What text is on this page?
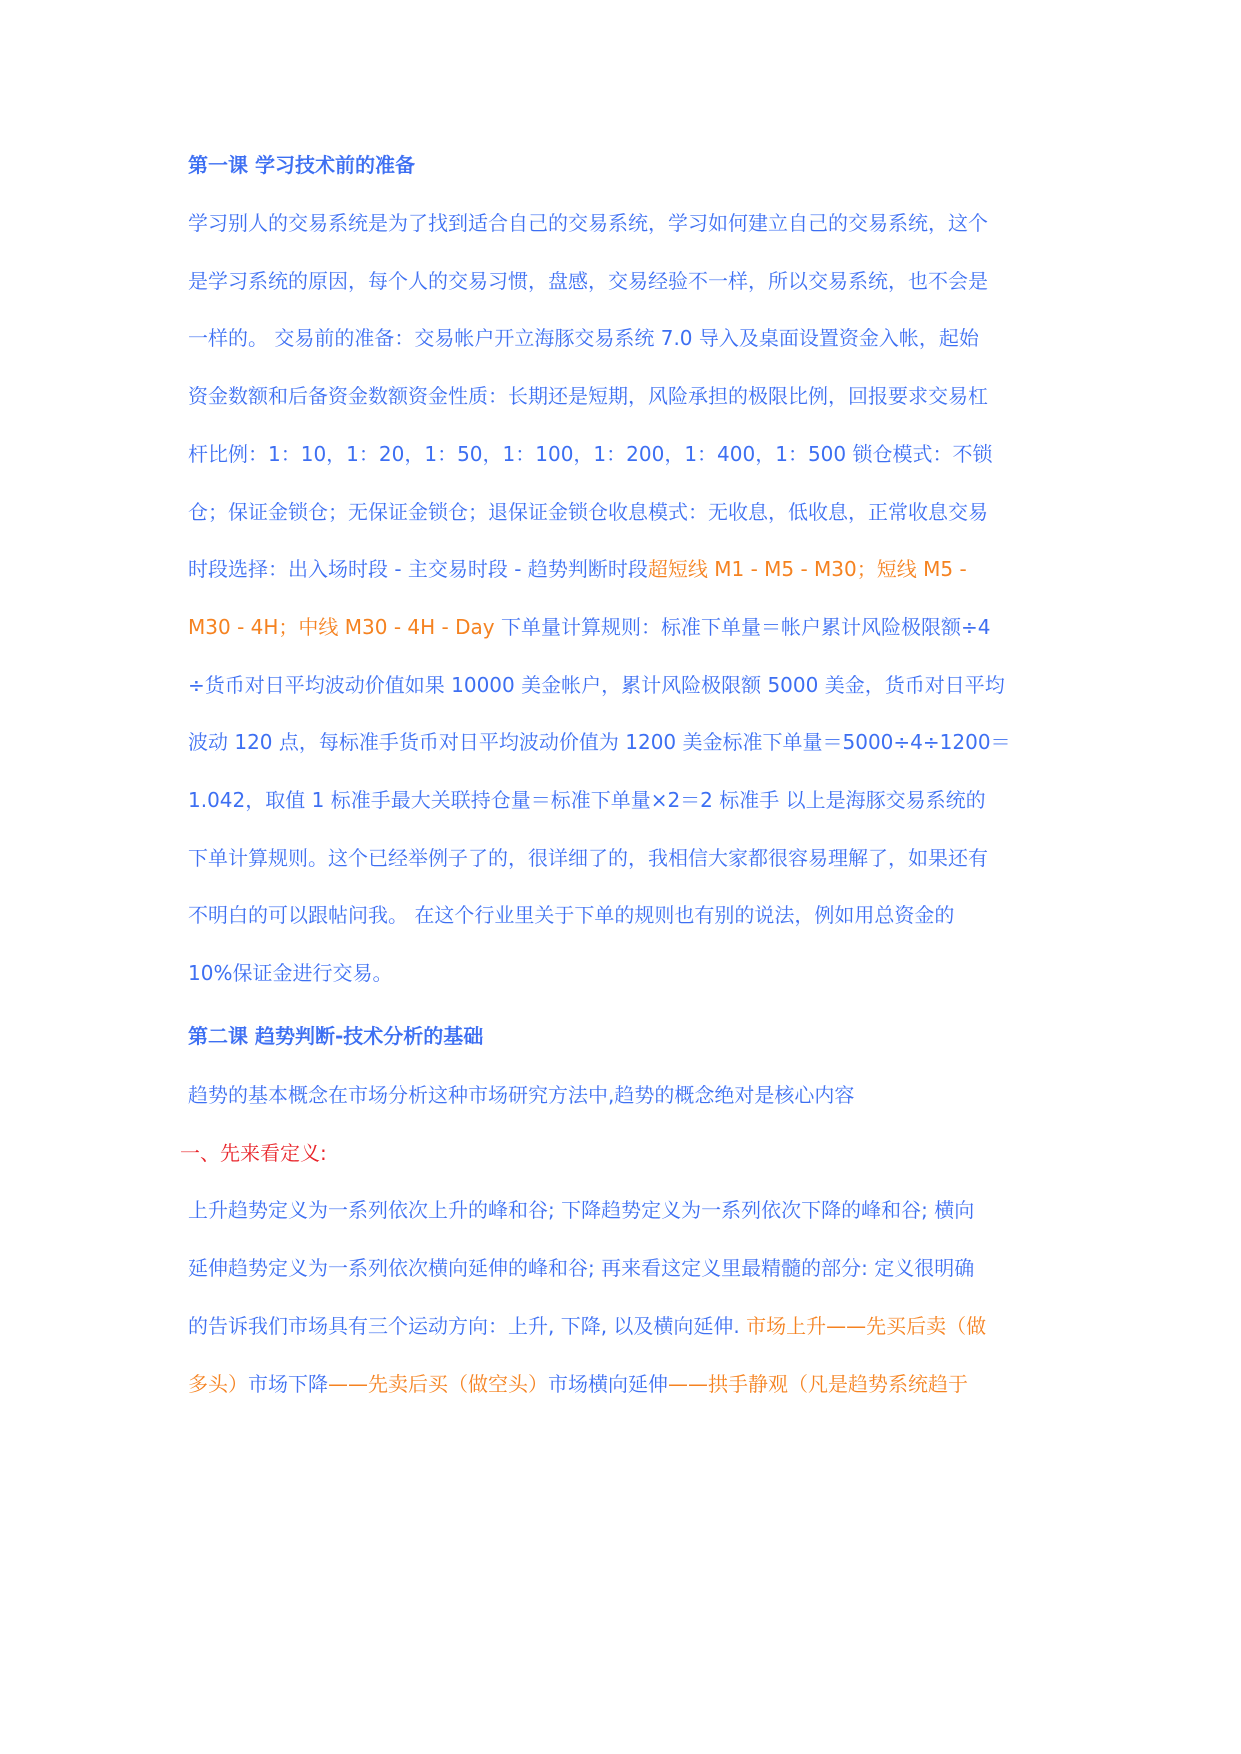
第一课 学习技术前的准备
学习别人的交易系统是为了找到适合自己的交易系统，学习如何建立自己的交易系统，这个
是学习系统的原因，每个人的交易习惯，盘感，交易经验不一样，所以交易系统，也不会是
一样的。 交易前的准备：交易帐户开立海豚交易系统 7.0 导入及桌面设置资金入帐，起始
资金数额和后备资金数额资金性质：长期还是短期，风险承担的极限比例，回报要求交易杠
杆比例：1：10，1：20，1：50，1：100，1：200，1：400，1：500 锁仓模式：不锁
仓；保证金锁仓；无保证金锁仓；退保证金锁仓收息模式：无收息，低收息，正常收息交易
时段选择：出入场时段 - 主交易时段 - 趋势判断时段超短线 M1 - M5 - M30；短线 M5 -
M30 - 4H；中线 M30 - 4H - Day 下单量计算规则：标准下单量＝帐户累计风险极限额÷4
÷货币对日平均波动价值如果 10000 美金帐户，累计风险极限额 5000 美金，货币对日平均
波动 120 点，每标准手货币对日平均波动价值为 1200 美金标准下单量＝5000÷4÷1200＝
1.042，取值 1 标准手最大关联持仓量＝标准下单量×2＝2 标准手 以上是海豚交易系统的
下单计算规则。这个已经举例子了的，很详细了的，我相信大家都很容易理解了，如果还有
不明白的可以跟帖问我。 在这个行业里关于下单的规则也有别的说法，例如用总资金的
10%保证金进行交易。
第二课 趋势判断-技术分析的基础
趋势的基本概念在市场分析这种市场研究方法中,趋势的概念绝对是核心内容
一、先来看定义:
上升趋势定义为一系列依次上升的峰和谷; 下降趋势定义为一系列依次下降的峰和谷; 横向
延伸趋势定义为一系列依次横向延伸的峰和谷; 再来看这定义里最精髓的部分: 定义很明确
的告诉我们市场具有三个运动方向：上升, 下降, 以及横向延伸. 市场上升——先买后卖（做
多头）市场下降——先卖后买（做空头）市场横向延伸——拱手静观（凡是趋势系统趋于
